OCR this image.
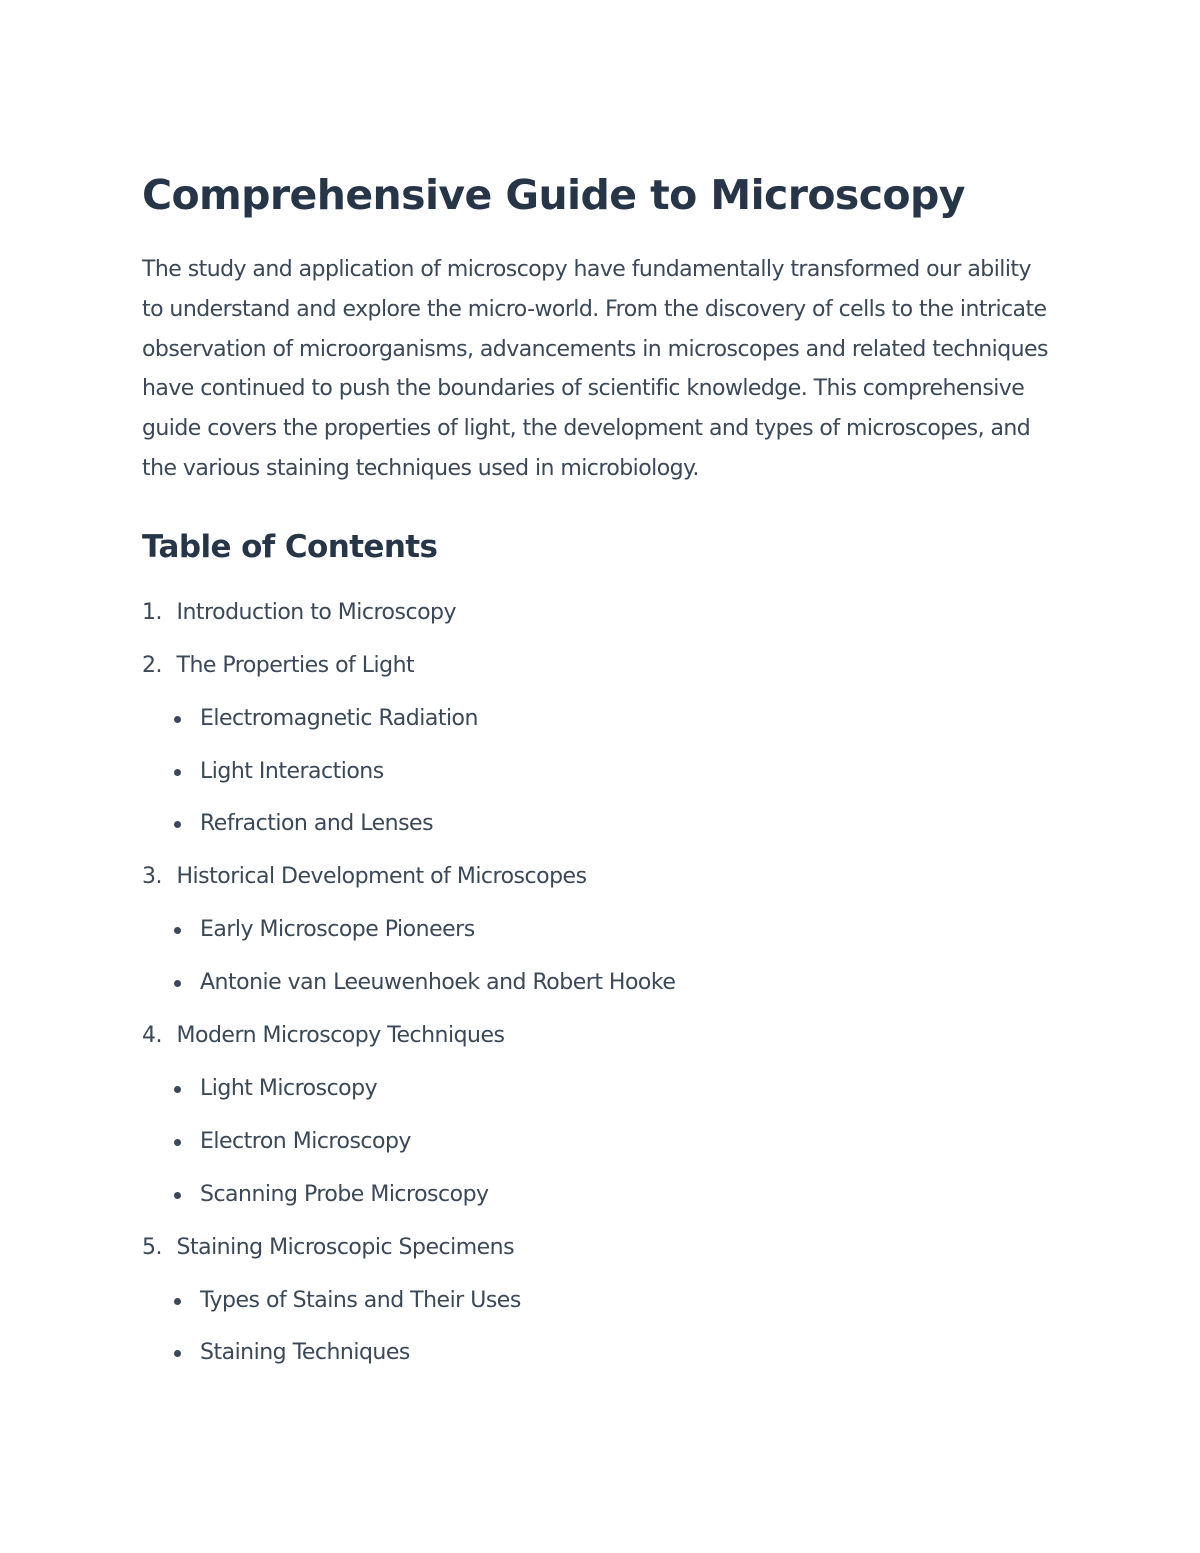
Comprehensive Guide to Microscopy

The study and application of microscopy have fundamentally transformed our ability to understand and explore the micro-world. From the discovery of cells to the intricate observation of microorganisms, advancements in microscopes and related techniques have continued to push the boundaries of scientific knowledge. This comprehensive guide covers the properties of light, the development and types of microscopes, and the various staining techniques used in microbiology.

Table of Contents
1. Introduction to Microscopy
2. The Properties of Light
Electromagnetic Radiation
Light Interactions
Refraction and Lenses
3. Historical Development of Microscopes
Early Microscope Pioneers
Antonie van Leeuwenhoek and Robert Hooke
4. Modern Microscopy Techniques
Light Microscopy
Electron Microscopy
Scanning Probe Microscopy
5. Staining Microscopic Specimens
Types of Stains and Their Uses
Staining Techniques
